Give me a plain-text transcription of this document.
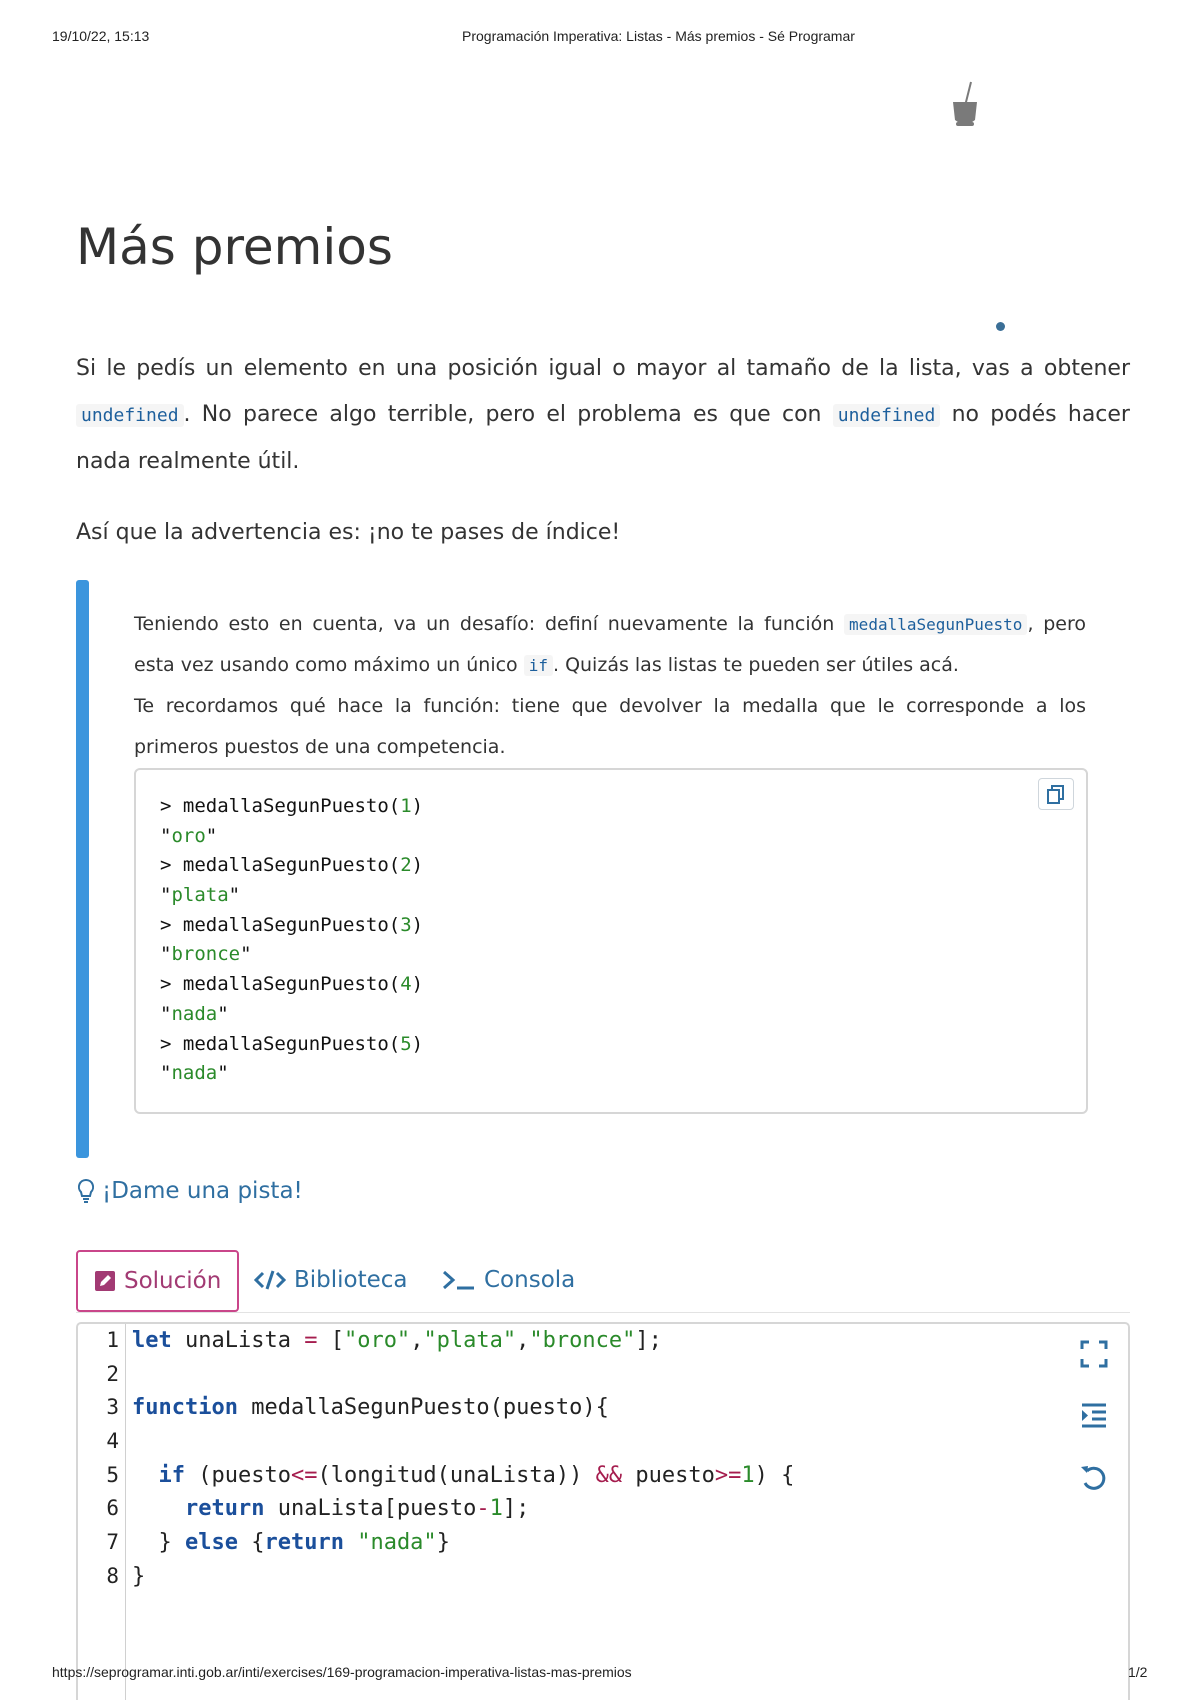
19/10/22, 15:13	Programación Imperativa: Listas - Más premios - Sé Programar
Más premios

Si le pedís un elemento en una posición igual o mayor al tamaño de la lista, vas a obtener undefined . No parece algo terrible, pero el problema es que con undefined no podés hacer nada realmente útil.

Así que la advertencia es: ¡no te pases de índice!

Teniendo esto en cuenta, va un desafío: definí nuevamente la función medallaSegunPuesto , pero esta vez usando como máximo un único if . Quizás las listas te pueden ser útiles acá.
Te recordamos qué hace la función: tiene que devolver la medalla que le corresponde a los primeros puestos de una competencia.

> medallaSegunPuesto(1)
"oro"
> medallaSegunPuesto(2)
"plata"
> medallaSegunPuesto(3)
"bronce"
> medallaSegunPuesto(4)
"nada"
> medallaSegunPuesto(5)
"nada"
¡Dame una pista!
Solución	Biblioteca	Consola
1
2
3
4
5
6
7
8
let unaLista = ["oro","plata","bronce"];

function medallaSegunPuesto(puesto){

if (puesto<=(longitud(unaLista)) && puesto>=1) {
return unaLista[puesto-1];
} else {return "nada"}
}
https://seprogramar.inti.gob.ar/inti/exercises/169-programacion-imperativa-listas-mas-premios	1/2
